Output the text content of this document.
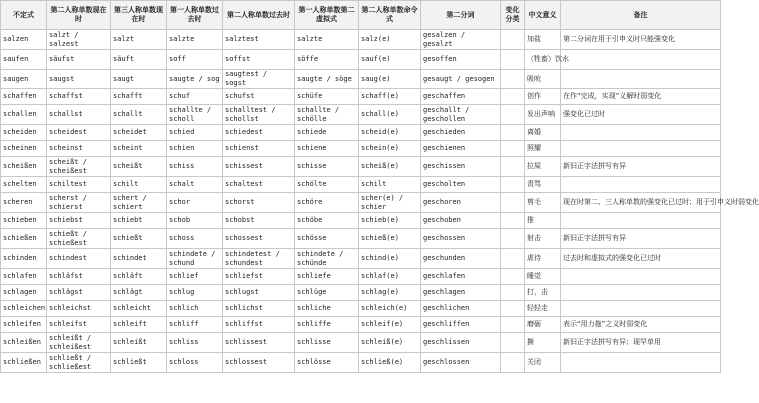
不定式	第二人称单数现在时	第三人称单数现在时	第一人称单数过去时	第二人称单数过去时	第一人称单数第二虚拟式	第二人称单数命令式	第二分词	变化分类	中文意义	备注
salzen	salzt / salzest	salzt	salzte	salztest	salzte	salz(e)	gesalzen / gesalzt		加盐	第二分词在用于引申义时只能强变化
saufen	säufst	säuft	soff	soffst	söffe	sauf(e)	gesoffen		（牲畜）饮水	
saugen	saugst	saugt	saugte / sog	saugtest / sogst	saugte / söge	saug(e)	gesaugt / gesogen		吸吮	
schaffen	schaffst	schafft	schuf	schufst	schüfe	schaff(e)	geschaffen		创作	在作“完成，实现”义解时弱变化
schallen	schallst	schallt	schallte / scholl	schalltest / schollst	schallte / schölle	schall(e)	geschallt / geschollen		发出声响	强变化已过时
scheiden	scheidest	scheidet	schied	schiedest	schiede	scheid(e)	geschieden		离婚	
scheinen	scheinst	scheint	schien	schienst	schiene	schein(e)	geschienen		照耀	
scheißen	scheißt / scheißest	scheißt	schiss	schissest	schisse	scheiß(e)	geschissen		拉屎	新旧正字法拼写有异
schelten	schiltest	schilt	schalt	schaltest	schölte	schilt	gescholten		责骂	
scheren	scherst / schierst	schert / schiert	schor	schorst	schöre	scher(e) / schier	geschoren		剪毛	现在时第二、三人称单数的强变化已过时；用于引申义时弱变化
schieben	schiebst	schiebt	schob	schobst	schöbe	schieb(e)	geschoben		推	
schießen	schießt / schießest	schießt	schoss	schossest	schösse	schieß(e)	geschossen		射击	新旧正字法拼写有异
schinden	schindest	schindet	schindete / schund	schindetest / schundest	schindete / schünde	schind(e)	geschunden		虐待	过去时和虚拟式的强变化已过时
schlafen	schläfst	schläft	schlief	schliefst	schliefe	schlaf(e)	geschlafen		睡觉	
schlagen	schlägst	schlägt	schlug	schlugst	schlüge	schlag(e)	geschlagen		打，击	
schleichen	schleichst	schleicht	schlich	schlichst	schliche	schleich(e)	geschlichen		轻轻走	
schleifen	schleifst	schleift	schliff	schliffst	schliffe	schleif(e)	geschliffen		磨砺	表示“用力拖”之义时弱变化
schleißen	schleißt / schleißest	schleißt	schliss	schlissest	schlisse	schleiß(e)	geschlissen		撕	新旧正字法拼写有异；现罕单用
schließen	schließt / schließest	schließt	schloss	schlossest	schlösse	schließ(e)	geschlossen		关闭	
